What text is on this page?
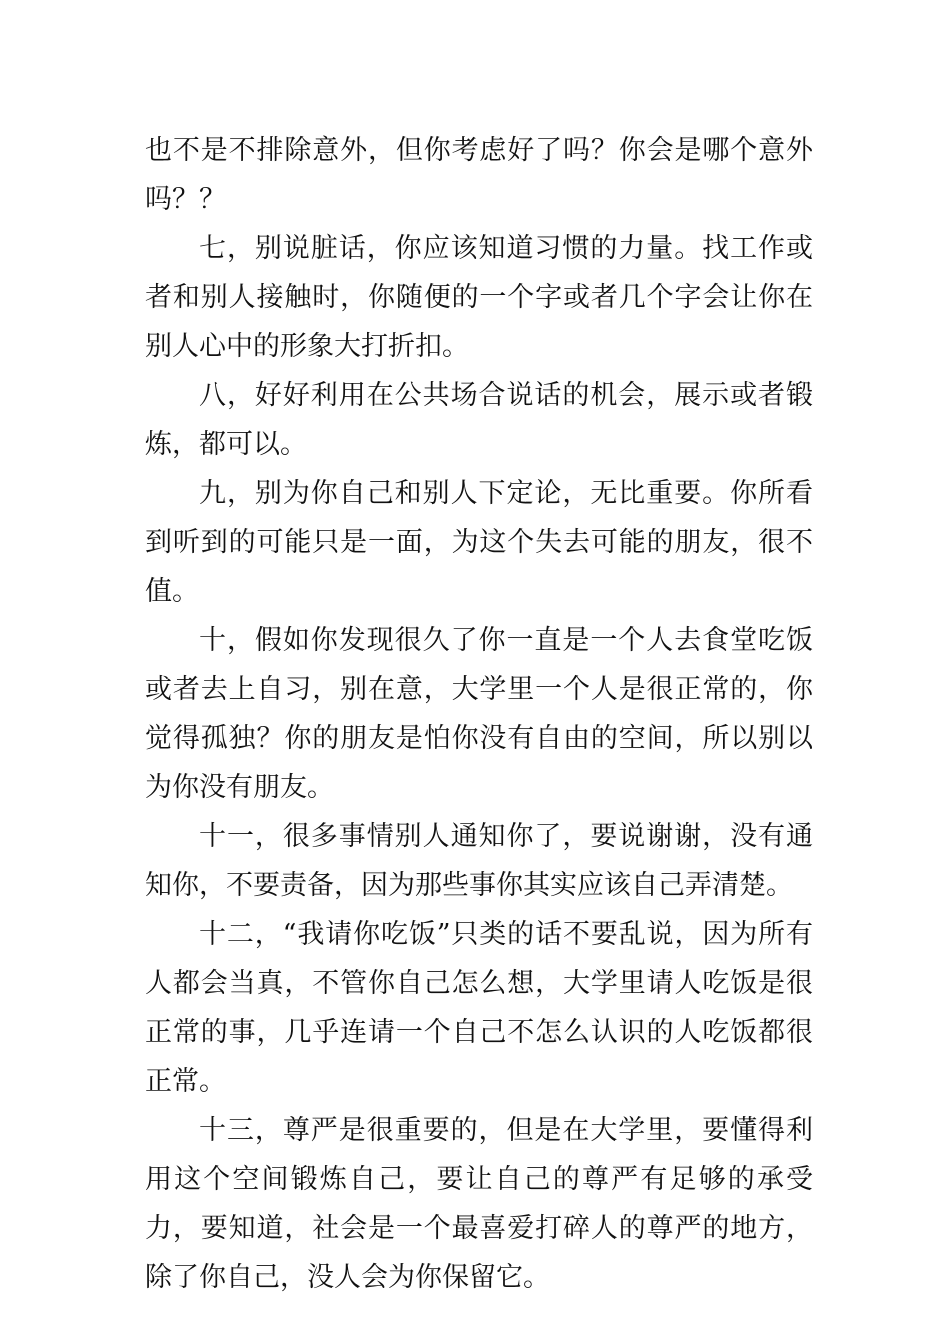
也不是不排除意外，但你考虑好了吗？你会是哪个意外吗？？

七，别说脏话，你应该知道习惯的力量。找工作或者和别人接触时，你随便的一个字或者几个字会让你在别人心中的形象大打折扣。

八，好好利用在公共场合说话的机会，展示或者锻炼，都可以。

九，别为你自己和别人下定论，无比重要。你所看到听到的可能只是一面，为这个失去可能的朋友，很不值。

十，假如你发现很久了你一直是一个人去食堂吃饭或者去上自习，别在意，大学里一个人是很正常的，你觉得孤独？你的朋友是怕你没有自由的空间，所以别以为你没有朋友。

十一，很多事情别人通知你了，要说谢谢，没有通知你，不要责备，因为那些事你其实应该自己弄清楚。

十二，“我请你吃饭”只类的话不要乱说，因为所有人都会当真，不管你自己怎么想，大学里请人吃饭是很正常的事，几乎连请一个自己不怎么认识的人吃饭都很正常。

十三，尊严是很重要的，但是在大学里，要懂得利用这个空间锻炼自己，要让自己的尊严有足够的承受力，要知道，社会是一个最喜爱打碎人的尊严的地方，除了你自己，没人会为你保留它。
